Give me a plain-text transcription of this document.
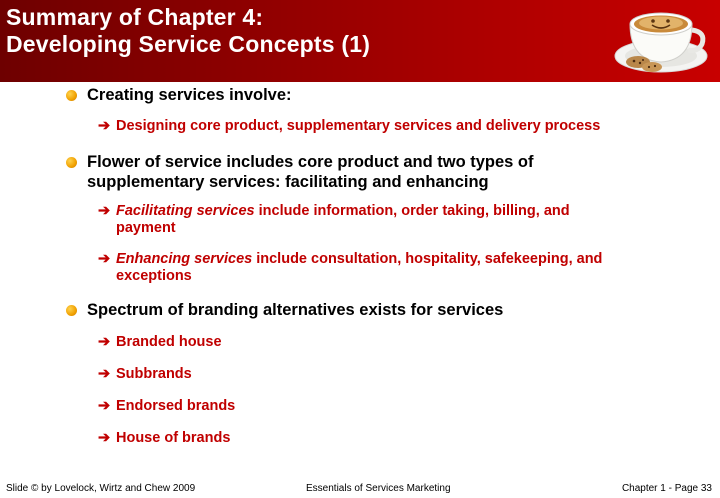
Summary of Chapter 4:
Developing Service Concepts (1)
Creating services involve:
➔ Designing core product, supplementary services and delivery process
Flower of service includes core product and two types of
supplementary services: facilitating and enhancing
➔ Facilitating services include information, order taking, billing, and
payment
➔ Enhancing services include consultation, hospitality, safekeeping, and
exceptions
Spectrum of branding alternatives exists for services
➔ Branded house
➔ Subbrands
➔ Endorsed brands
➔ House of brands
Slide © by Lovelock, Wirtz and Chew 2009	Essentials of Services Marketing	Chapter 1 - Page 33
